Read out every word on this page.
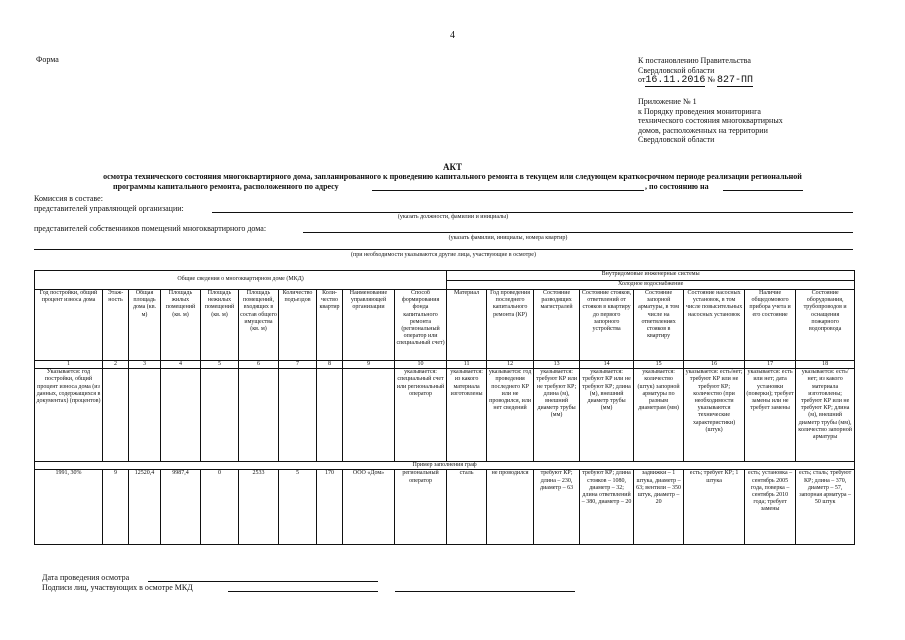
4
Форма	К постановлению Правительства
Свердловской области
от16.11.2016 № 827-ПП
Приложение № 1
к Порядку проведения мониторинга
технического состояния многоквартирных
домов, расположенных на территории
Свердловской области
АКТ
осмотра технического состояния многоквартирного дома, запланированного к проведению капитального ремонта в текущем или следующем краткосрочном периоде реализации региональной
программы капитального ремонта, расположенного по адресу	, по состоянию на
Комиссия в составе:
представителей управляющей организации:
(указать должности, фамилии и инициалы)
представителей собственников помещений многоквартирного дома:
(указать фамилии, инициалы, номера квартир)
(при необходимости указываются другие лица, участвующие в осмотре)
Общие сведения о многоквартирном доме (МКД)										Внутридомовые инженерные системы							
										Холодное водоснабжение							
Год постройки, общий процент износа дома	Этаж-ность	Общая площадь дома (кв. м)	Площадь жилых помещений (кв. м)	Площадь нежилых помещений (кв. м)	Площадь помещений, входящих в состав общего имущества (кв. м)	Количество подъездов	Коли-чество квартир	Наименование управляющей организации	Способ формирования фонда капитального ремонта (региональный оператор или специальный счет)	Материал	Год проведения последнего капитального ремонта (КР)	Состояние разводящих магистралей	Состояние стояков, ответвлений от стояков в квартиру до первого запорного устройства	Состояние запорной арматуры, в том числе на ответвлениях стояков в квартиру	Состояние насосных установок, в том числе повысительных насосных установок	Наличие общедомового прибора учета и его состояние	Состояние оборудования, трубопроводов и оснащения пожарного водопровода
1	2	3	4	5	6	7	8	9	10	11	12	13	14	15	16	17	18
Указывается: год постройки, общий процент износа дома (из данных, содержащихся в документах) (процентов)									указывается: специальный счет или региональный оператор	указывается: из какого материала изготовлены	указывается: год проведения последнего КР или не проводился, или нет сведений	указывается: требуют КР или не требуют КР; длина (м), внешний диаметр трубы (мм)	указывается: требуют КР или не требуют КР; длина (м), внешний диаметр трубы (мм)	указывается: количество (штук) запорной арматуры по разным диаметрам (мм)	указывается: есть/нет; требуют КР или не требуют КР; количество (при необходимости указываются технические характеристики) (штук)	указывается: есть или нет; дата установки (поверки); требует замены или не требует замены	указывается: есть/нет; из какого материала изготовлены; требуют КР или не требуют КР; длина (м), внешний диаметр трубы (мм), количество запорной арматуры
Пример заполнения граф																	
1991, 30%	9	12520,4	9987,4	0	2533	5	170	ООО «Дом»	региональный оператор	сталь	не проводился	требуют КР; длина – 230, диаметр – 63	требуют КР; длина стояков – 1080, диаметр – 32; длина ответвлений – 380, диаметр – 20	задвижки – 1 штука, диаметр – 63; вентили – 350 штук, диаметр – 20	есть; требует КР; 1 штука	есть; установка – сентябрь 2005 года, поверка – сентябрь 2010 года; требует замены	есть; сталь; требуют КР; длина – 370, диаметр – 57, запорная арматура – 50 штук
Дата проведения осмотра
Подписи лиц, участвующих в осмотре МКД
